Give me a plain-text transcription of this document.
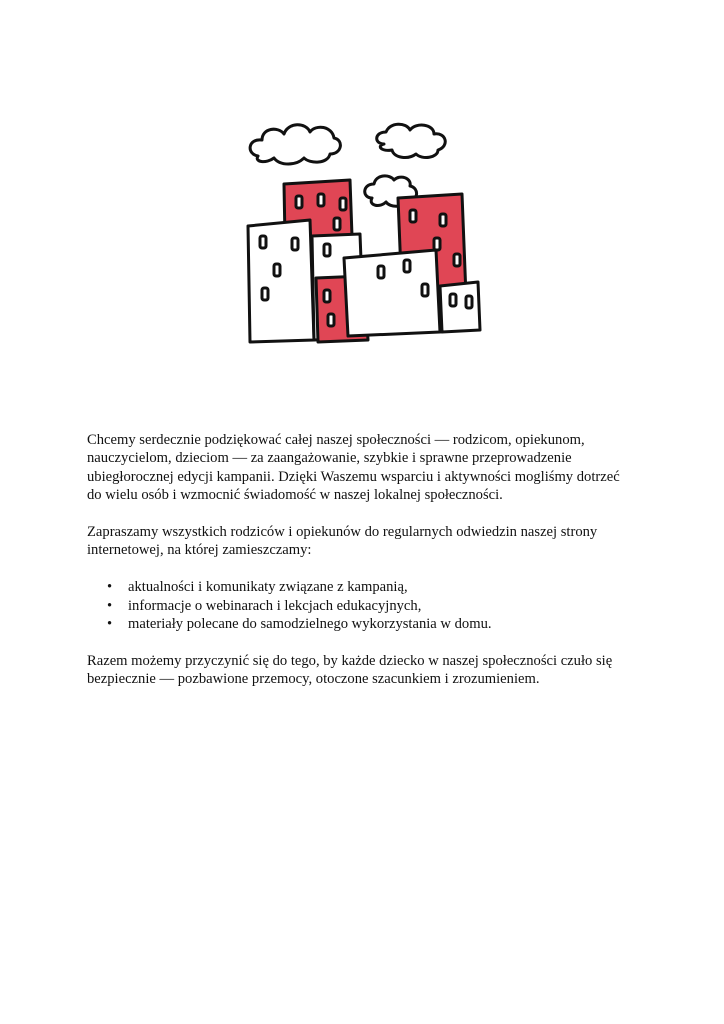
Chcemy serdecznie podziękować całej naszej społeczności — rodzicom, opiekunom, nauczycielom, dzieciom — za zaangażowanie, szybkie i sprawne przeprowadzenie ubiegłorocznej edycji kampanii. Dzięki Waszemu wsparciu i aktywności mogliśmy dotrzeć do wielu osób i wzmocnić świadomość w naszej lokalnej społeczności.

Zapraszamy wszystkich rodziców i opiekunów do regularnych odwiedzin naszej strony internetowej, na której zamieszczamy:

• aktualności i komunikaty związane z kampanią,
• informacje o webinarach i lekcjach edukacyjnych,
• materiały polecane do samodzielnego wykorzystania w domu.

Razem możemy przyczynić się do tego, by każde dziecko w naszej społeczności czuło się bezpiecznie — pozbawione przemocy, otoczone szacunkiem i zrozumieniem.
